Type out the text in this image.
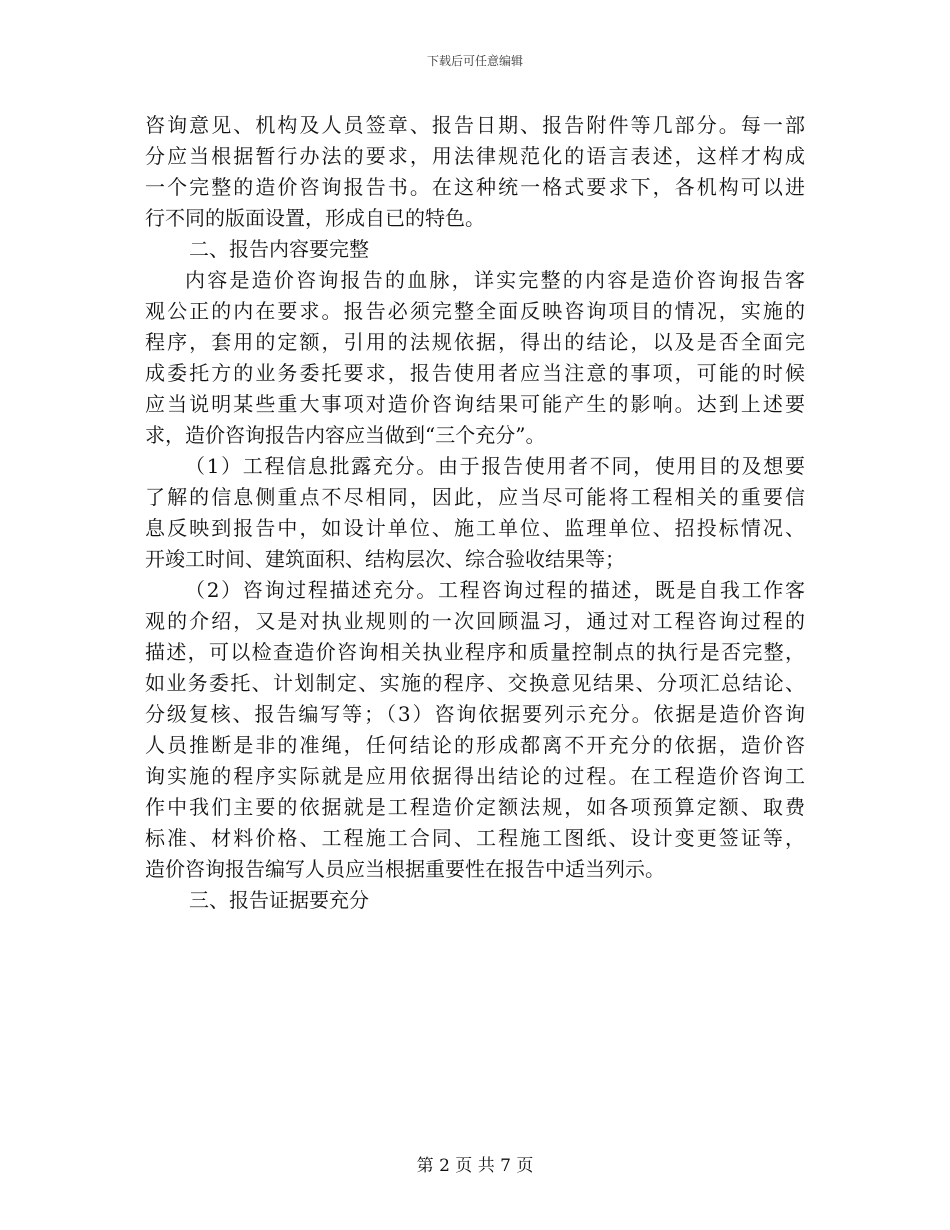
下载后可任意编辑
咨询意见、机构及人员签章、报告日期、报告附件等几部分。每一部
分应当根据暂行办法的要求，用法律规范化的语言表述，这样才构成
一个完整的造价咨询报告书。在这种统一格式要求下，各机构可以进
行不同的版面设置，形成自已的特色。
二、报告内容要完整
内容是造价咨询报告的血脉，详实完整的内容是造价咨询报告客
观公正的内在要求。报告必须完整全面反映咨询项目的情况，实施的
程序，套用的定额，引用的法规依据，得出的结论，以及是否全面完
成委托方的业务委托要求，报告使用者应当注意的事项，可能的时候
应当说明某些重大事项对造价咨询结果可能产生的影响。达到上述要
求，造价咨询报告内容应当做到“三个充分”。
（1）工程信息批露充分。由于报告使用者不同，使用目的及想要
了解的信息侧重点不尽相同，因此，应当尽可能将工程相关的重要信
息反映到报告中，如设计单位、施工单位、监理单位、招投标情况、
开竣工时间、建筑面积、结构层次、综合验收结果等；
（2）咨询过程描述充分。工程咨询过程的描述，既是自我工作客
观的介绍，又是对执业规则的一次回顾温习，通过对工程咨询过程的
描述，可以检查造价咨询相关执业程序和质量控制点的执行是否完整，
如业务委托、计划制定、实施的程序、交换意见结果、分项汇总结论、
分级复核、报告编写等；（3）咨询依据要列示充分。依据是造价咨询
人员推断是非的准绳，任何结论的形成都离不开充分的依据，造价咨
询实施的程序实际就是应用依据得出结论的过程。在工程造价咨询工
作中我们主要的依据就是工程造价定额法规，如各项预算定额、取费
标准、材料价格、工程施工合同、工程施工图纸、设计变更签证等，
造价咨询报告编写人员应当根据重要性在报告中适当列示。
三、报告证据要充分
第 2 页 共 7 页
